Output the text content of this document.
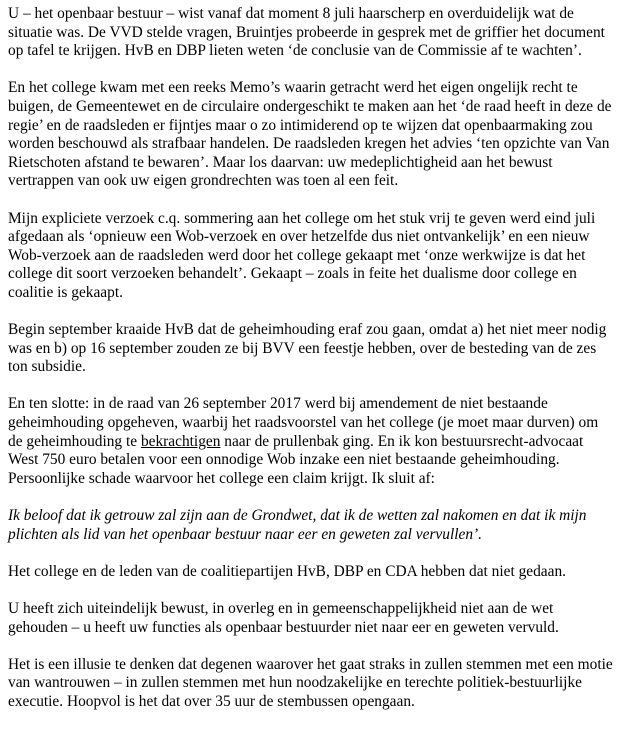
U – het openbaar bestuur – wist vanaf dat moment 8 juli haarscherp en overduidelijk wat de situatie was. De VVD stelde vragen, Bruintjes probeerde in gesprek met de griffier het document op tafel te krijgen. HvB en DBP lieten weten ‘de conclusie van de Commissie af te wachten’.

En het college kwam met een reeks Memo’s waarin getracht werd het eigen ongelijk recht te buigen, de Gemeentewet en de circulaire ondergeschikt te maken aan het ‘de raad heeft in deze de regie’ en de raadsleden er fijntjes maar o zo intimiderend op te wijzen dat openbaarmaking zou worden beschouwd als strafbaar handelen. De raadsleden kregen het advies ‘ten opzichte van Van Rietschoten afstand te bewaren’. Maar los daarvan: uw medeplichtigheid aan het bewust vertrappen van ook uw eigen grondrechten was toen al een feit.

Mijn expliciete verzoek c.q. sommering aan het college om het stuk vrij te geven werd eind juli afgedaan als ‘opnieuw een Wob-verzoek en over hetzelfde dus niet ontvankelijk’ en een nieuw Wob-verzoek aan de raadsleden werd door het college gekaapt met ‘onze werkwijze is dat het college dit soort verzoeken behandelt’. Gekaapt – zoals in feite het dualisme door college en coalitie is gekaapt.

Begin september kraaide HvB dat de geheimhouding eraf zou gaan, omdat a) het niet meer nodig was en b) op 16 september zouden ze bij BVV een feestje hebben, over de besteding van de zes ton subsidie.

En ten slotte: in de raad van 26 september 2017 werd bij amendement de niet bestaande geheimhouding opgeheven, waarbij het raadsvoorstel van het college (je moet maar durven) om de geheimhouding te bekrachtigen naar de prullenbak ging. En ik kon bestuursrecht-advocaat West 750 euro betalen voor een onnodige Wob inzake een niet bestaande geheimhouding. Persoonlijke schade waarvoor het college een claim krijgt. Ik sluit af:

Ik beloof dat ik getrouw zal zijn aan de Grondwet, dat ik de wetten zal nakomen en dat ik mijn plichten als lid van het openbaar bestuur naar eer en geweten zal vervullen’.

Het college en de leden van de coalitiepartijen HvB, DBP en CDA hebben dat niet gedaan.

U heeft zich uiteindelijk bewust, in overleg en in gemeenschappelijkheid niet aan de wet gehouden – u heeft uw functies als openbaar bestuurder niet naar eer en geweten vervuld.

Het is een illusie te denken dat degenen waarover het gaat straks in zullen stemmen met een motie van wantrouwen – in zullen stemmen met hun noodzakelijke en terechte politiek-bestuurlijke executie. Hoopvol is het dat over 35 uur de stembussen opengaan.
